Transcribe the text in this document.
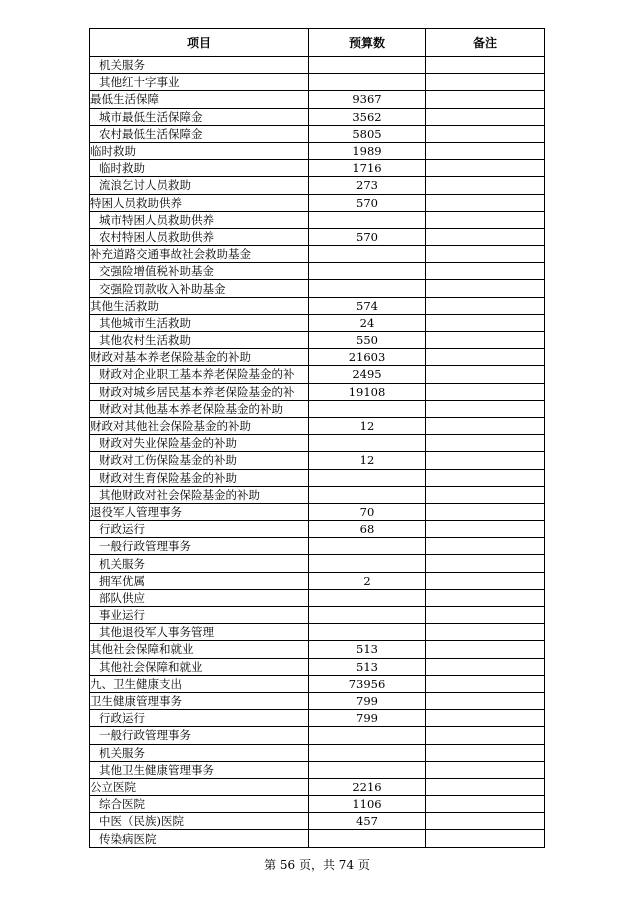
项目	预算数	备注
机关服务		
其他红十字事业		
最低生活保障	9367	
城市最低生活保障金	3562	
农村最低生活保障金	5805	
临时救助	1989	
临时救助	1716	
流浪乞讨人员救助	273	
特困人员救助供养	570	
城市特困人员救助供养		
农村特困人员救助供养	570	
补充道路交通事故社会救助基金		
交强险增值税补助基金		
交强险罚款收入补助基金		
其他生活救助	574	
其他城市生活救助	24	
其他农村生活救助	550	
财政对基本养老保险基金的补助	21603	
财政对企业职工基本养老保险基金的补	2495	
财政对城乡居民基本养老保险基金的补	19108	
财政对其他基本养老保险基金的补助		
财政对其他社会保险基金的补助	12	
财政对失业保险基金的补助		
财政对工伤保险基金的补助	12	
财政对生育保险基金的补助		
其他财政对社会保险基金的补助		
退役军人管理事务	70	
行政运行	68	
一般行政管理事务		
机关服务		
拥军优属	2	
部队供应		
事业运行		
其他退役军人事务管理		
其他社会保障和就业	513	
其他社会保障和就业	513	
九、卫生健康支出	73956	
卫生健康管理事务	799	
行政运行	799	
一般行政管理事务		
机关服务		
其他卫生健康管理事务		
公立医院	2216	
综合医院	1106	
中医（民族)医院	457	
传染病医院		
第 56 页，共 74 页
